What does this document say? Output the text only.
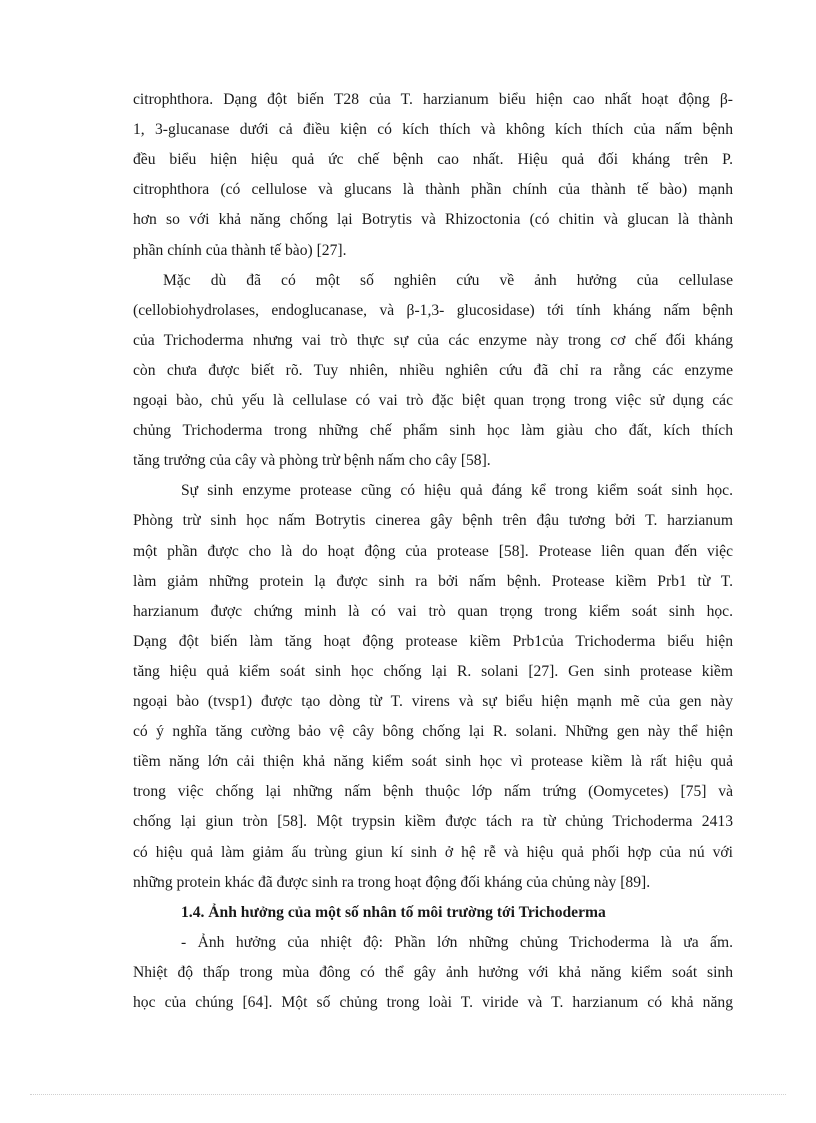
citrophthora. Dạng đột biến T28 của T. harzianum biểu hiện cao nhất hoạt động β-
1, 3-glucanase dưới cả điều kiện có kích thích và không kích thích của nấm bệnh
đều biểu hiện hiệu quả ức chế bệnh cao nhất. Hiệu quả đối kháng trên P.
citrophthora (có cellulose và glucans là thành phần chính của thành tế bào) mạnh
hơn so với khả năng chống lại Botrytis và Rhizoctonia (có chitin và glucan là thành
phần chính của thành tế bào) [27].
Mặc dù đã có một số nghiên cứu về ảnh hưởng của cellulase
(cellobiohydrolases, endoglucanase, và β-1,3- glucosidase) tới tính kháng nấm bệnh
của Trichoderma nhưng vai trò thực sự của các enzyme này trong cơ chế đối kháng
còn chưa được biết rõ. Tuy nhiên, nhiều nghiên cứu đã chỉ ra rằng các enzyme
ngoại bào, chủ yếu là cellulase có vai trò đặc biệt quan trọng trong việc sử dụng các
chủng Trichoderma trong những chế phẩm sinh học làm giàu cho đất, kích thích
tăng trưởng của cây và phòng trừ bệnh nấm cho cây [58].
Sự sinh enzyme protease cũng có hiệu quả đáng kể trong kiểm soát sinh học.
Phòng trừ sinh học nấm Botrytis cinerea gây bệnh trên đậu tương bởi T. harzianum
một phần được cho là do hoạt động của protease [58]. Protease liên quan đến việc
làm giảm những protein lạ được sinh ra bởi nấm bệnh. Protease kiềm Prb1 từ T.
harzianum được chứng minh là có vai trò quan trọng trong kiểm soát sinh học.
Dạng đột biến làm tăng hoạt động protease kiềm Prb1của Trichoderma biểu hiện
tăng hiệu quả kiểm soát sinh học chống lại R. solani [27]. Gen sinh protease kiềm
ngoại bào (tvsp1) được tạo dòng từ T. virens và sự biểu hiện mạnh mẽ của gen này
có ý nghĩa tăng cường bảo vệ cây bông chống lại R. solani. Những gen này thể hiện
tiềm năng lớn cải thiện khả năng kiểm soát sinh học vì protease kiềm là rất hiệu quả
trong việc chống lại những nấm bệnh thuộc lớp nấm trứng (Oomycetes) [75] và
chống lại giun tròn [58]. Một trypsin kiềm được tách ra từ chủng Trichoderma 2413
có hiệu quả làm giảm ấu trùng giun kí sinh ở hệ rễ và hiệu quả phối hợp của nú với
những protein khác đã được sinh ra trong hoạt động đối kháng của chủng này [89].
1.4. Ảnh hưởng của một số nhân tố môi trường tới Trichoderma
- Ảnh hưởng của nhiệt độ: Phần lớn những chủng Trichoderma là ưa ấm.
Nhiệt độ thấp trong mùa đông có thể gây ảnh hưởng với khả năng kiểm soát sinh
học của chúng [64]. Một số chủng trong loài T. viride và T. harzianum có khả năng
